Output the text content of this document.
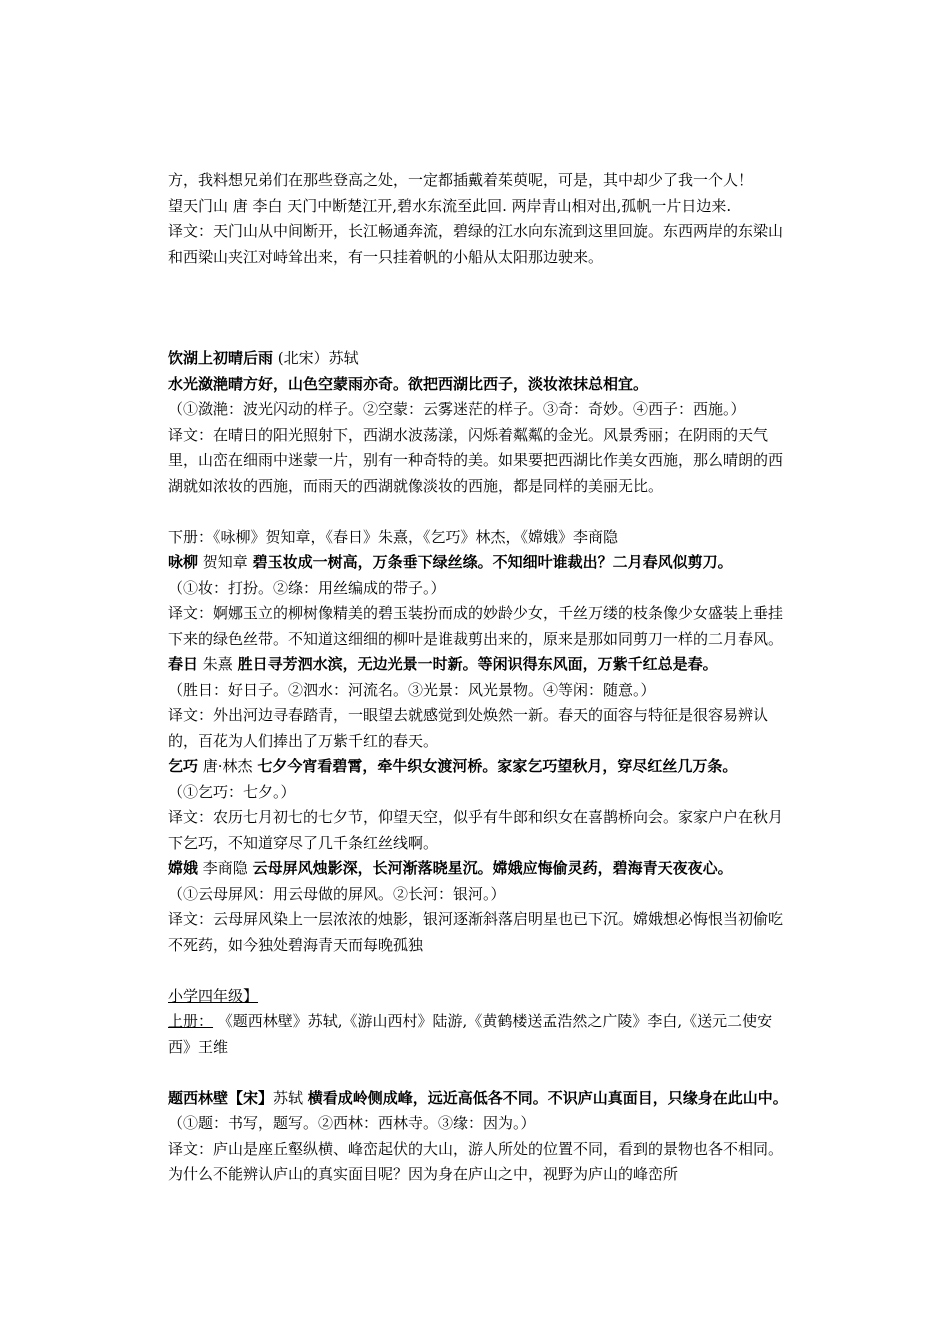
方，我料想兄弟们在那些登高之处，一定都插戴着茱萸呢，可是，其中却少了我一个人！

望天门山 唐 李白 天门中断楚江开,碧水东流至此回. 两岸青山相对出,孤帆一片日边来.

译文：天门山从中间断开，长江畅通奔流，碧绿的江水向东流到这里回旋。东西两岸的东梁山和西梁山夹江对峙耸出来，有一只挂着帆的小船从太阳那边驶来。

饮湖上初晴后雨 (北宋）苏轼

水光潋滟晴方好，山色空蒙雨亦奇。欲把西湖比西子，淡妆浓抹总相宜。

（①潋滟：波光闪动的样子。②空蒙：云雾迷茫的样子。③奇：奇妙。④西子：西施。）

译文：在晴日的阳光照射下，西湖水波荡漾，闪烁着粼粼的金光。风景秀丽；在阴雨的天气里，山峦在细雨中迷蒙一片，别有一种奇特的美。如果要把西湖比作美女西施，那么晴朗的西湖就如浓妆的西施，而雨天的西湖就像淡妆的西施，都是同样的美丽无比。

下册：《咏柳》贺知章，《春日》朱熹，《乞巧》林杰，《嫦娥》李商隐

咏柳 贺知章 碧玉妆成一树高，万条垂下绿丝绦。不知细叶谁裁出？二月春风似剪刀。

（①妆：打扮。②绦：用丝编成的带子。）

译文：婀娜玉立的柳树像精美的碧玉装扮而成的妙龄少女，千丝万缕的枝条像少女盛装上垂挂下来的绿色丝带。不知道这细细的柳叶是谁裁剪出来的，原来是那如同剪刀一样的二月春风。

春日 朱熹 胜日寻芳泗水滨，无边光景一时新。等闲识得东风面，万紫千红总是春。

（胜日：好日子。②泗水：河流名。③光景：风光景物。④等闲：随意。）

译文：外出河边寻春踏青，一眼望去就感觉到处焕然一新。春天的面容与特征是很容易辨认的，百花为人们捧出了万紫千红的春天。

乞巧 唐·林杰 七夕今宵看碧霄，牵牛织女渡河桥。家家乞巧望秋月，穿尽红丝几万条。

（①乞巧：七夕。）

译文：农历七月初七的七夕节，仰望天空，似乎有牛郎和织女在喜鹊桥向会。家家户户在秋月下乞巧，不知道穿尽了几千条红丝线啊。

嫦娥 李商隐 云母屏风烛影深，长河渐落晓星沉。嫦娥应悔偷灵药，碧海青天夜夜心。

（①云母屏风：用云母做的屏风。②长河：银河。）

译文：云母屏风染上一层浓浓的烛影，银河逐渐斜落启明星也已下沉。嫦娥想必悔恨当初偷吃不死药，如今独处碧海青天而每晚孤独

小学四年级】

上册： 《题西林壁》苏轼,《游山西村》陆游,《黄鹤楼送孟浩然之广陵》李白,《送元二使安西》王维

题西林壁【宋】苏轼 横看成岭侧成峰，远近高低各不同。不识庐山真面目，只缘身在此山中。 （①题：书写，题写。②西林：西林寺。③缘：因为。）

译文：庐山是座丘壑纵横、峰峦起伏的大山，游人所处的位置不同，看到的景物也各不相同。为什么不能辨认庐山的真实面目呢？因为身在庐山之中，视野为庐山的峰峦所
